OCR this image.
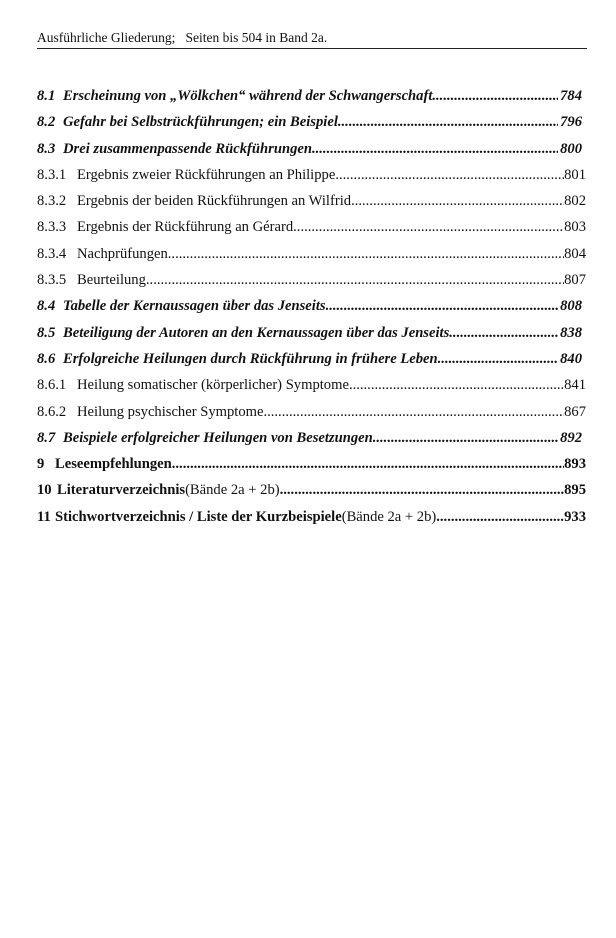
Ausführliche Gliederung;   Seiten bis 504 in Band 2a.
8.1 Erscheinung von „Wölkchen“ während der Schwangerschaft .....	784
8.2 Gefahr bei Selbstrückführungen; ein Beispiel .....	796
8.3 Drei zusammenpassende Rückführungen .....	800
8.3.1 Ergebnis zweier Rückführungen an Philippe .....	801
8.3.2 Ergebnis der beiden Rückführungen an Wilfrid .....	802
8.3.3 Ergebnis der Rückführung an Gérard .....	803
8.3.4 Nachprüfungen .....	804
8.3.5 Beurteilung .....	807
8.4 Tabelle der Kernaussagen über das Jenseits .....	808
8.5 Beteiligung der Autoren an den Kernaussagen über das Jenseits .....	838
8.6 Erfolgreiche Heilungen durch Rückführung in frühere Leben .....	840
8.6.1 Heilung somatischer (körperlicher) Symptome .....	841
8.6.2 Heilung psychischer Symptome .....	867
8.7 Beispiele erfolgreicher Heilungen von Besetzungen .....	892
9 Leseempfehlungen .....	893
10 Literaturverzeichnis (Bände 2a + 2b) .....	895
11 Stichwortverzeichnis / Liste der Kurzbeispiele (Bände 2a + 2b) .....	933
